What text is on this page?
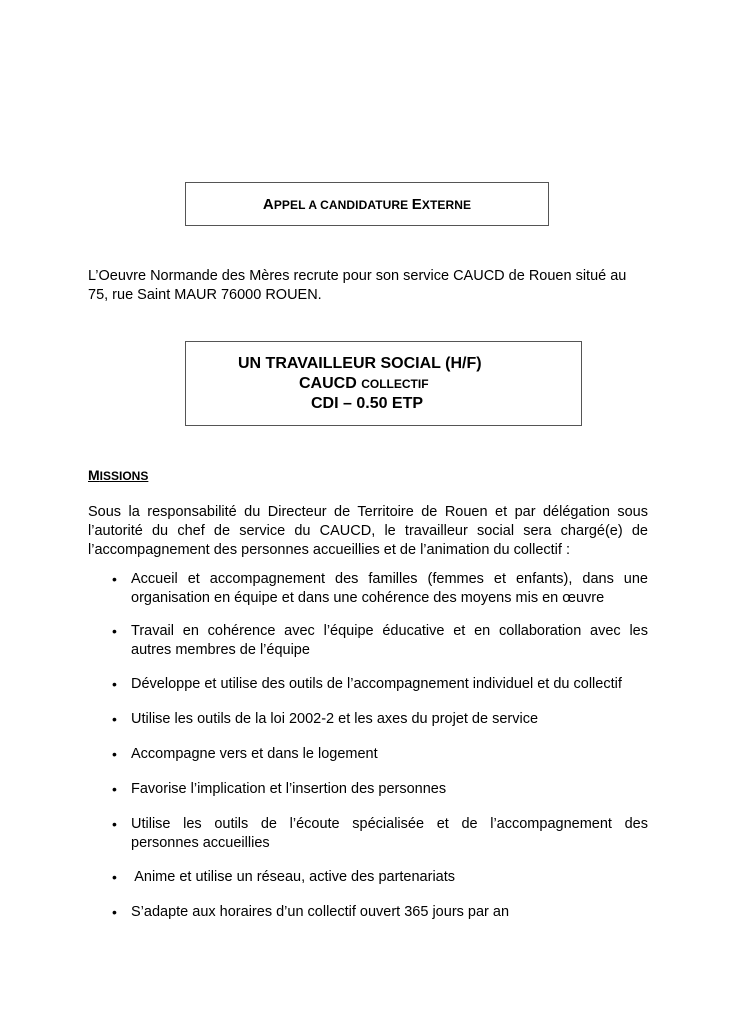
APPEL A CANDIDATURE EXTERNE

L’Oeuvre Normande des Mères recrute pour son service CAUCD de Rouen situé au
75, rue Saint MAUR 76000 ROUEN.

UN TRAVAILLEUR SOCIAL (H/F)
CAUCD COLLECTIF
CDI – 0.50 ETP
MISSIONS

Sous la responsabilité du Directeur de Territoire de Rouen et par délégation sous
l’autorité du chef de service du CAUCD, le travailleur social sera chargé(e) de
l’accompagnement des personnes accueillies et de l’animation du collectif :

• Accueil et accompagnement des familles (femmes et enfants), dans une
organisation en équipe et dans une cohérence des moyens mis en œuvre
• Travail en cohérence avec l’équipe éducative et en collaboration avec les
autres membres de l’équipe
• Développe et utilise des outils de l’accompagnement individuel et du collectif
• Utilise les outils de la loi 2002-2 et les axes du projet de service
• Accompagne vers et dans le logement
• Favorise l’implication et l’insertion des personnes
• Utilise les outils de l’écoute spécialisée et de l’accompagnement des
personnes accueillies
• Anime et utilise un réseau, active des partenariats
• S’adapte aux horaires d’un collectif ouvert 365 jours par an
